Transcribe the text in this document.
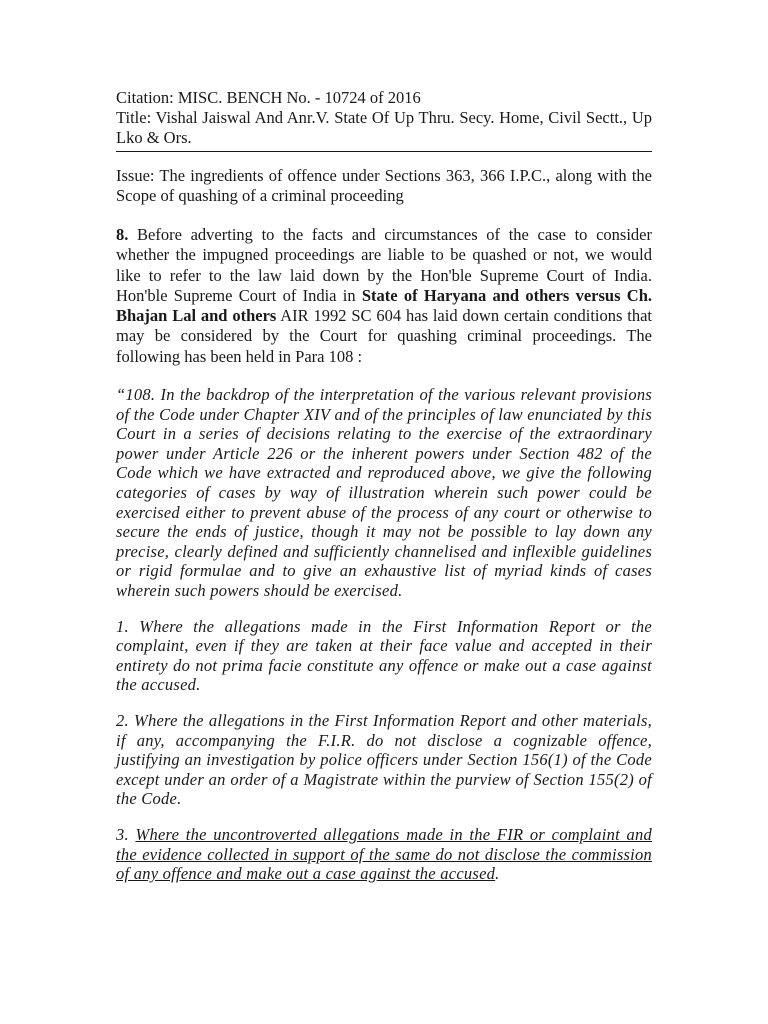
Citation: MISC. BENCH No. - 10724 of 2016

Title: Vishal Jaiswal And Anr.V. State Of Up Thru. Secy. Home, Civil Sectt., Up Lko & Ors.

Issue: The ingredients of offence under Sections 363, 366 I.P.C., along with the Scope of quashing of a criminal proceeding

8. Before adverting to the facts and circumstances of the case to consider whether the impugned proceedings are liable to be quashed or not, we would like to refer to the law laid down by the Hon'ble Supreme Court of India. Hon'ble Supreme Court of India in State of Haryana and others versus Ch. Bhajan Lal and others AIR 1992 SC 604 has laid down certain conditions that may be considered by the Court for quashing criminal proceedings. The following has been held in Para 108 :

“108. In the backdrop of the interpretation of the various relevant provisions of the Code under Chapter XIV and of the principles of law enunciated by this Court in a series of decisions relating to the exercise of the extraordinary power under Article 226 or the inherent powers under Section 482 of the Code which we have extracted and reproduced above, we give the following categories of cases by way of illustration wherein such power could be exercised either to prevent abuse of the process of any court or otherwise to secure the ends of justice, though it may not be possible to lay down any precise, clearly defined and sufficiently channelised and inflexible guidelines or rigid formulae and to give an exhaustive list of myriad kinds of cases wherein such powers should be exercised.

1. Where the allegations made in the First Information Report or the complaint, even if they are taken at their face value and accepted in their entirety do not prima facie constitute any offence or make out a case against the accused.

2. Where the allegations in the First Information Report and other materials, if any, accompanying the F.I.R. do not disclose a cognizable offence, justifying an investigation by police officers under Section 156(1) of the Code except under an order of a Magistrate within the purview of Section 155(2) of the Code.

3. Where the uncontroverted allegations made in the FIR or complaint and the evidence collected in support of the same do not disclose the commission of any offence and make out a case against the accused.
